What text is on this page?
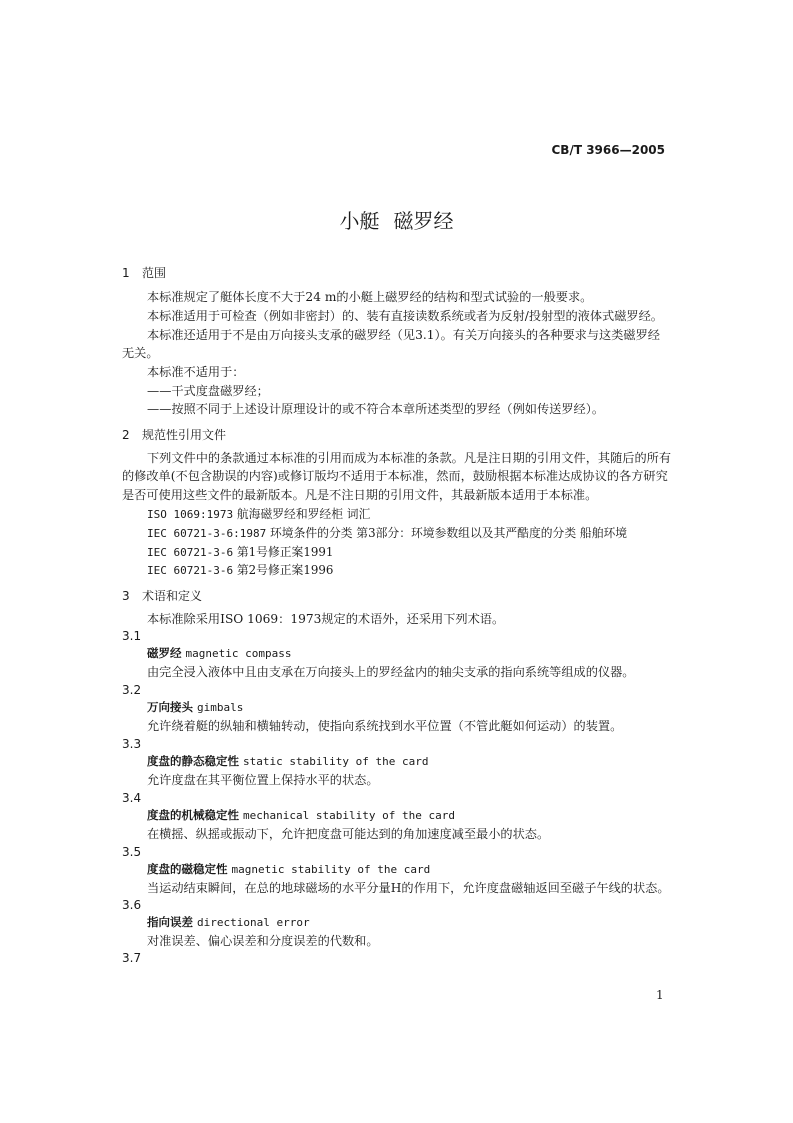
CB/T 3966—2005
小艇 磁罗经
1 范围
本标准规定了艇体长度不大于24 m的小艇上磁罗经的结构和型式试验的一般要求。
本标准适用于可检查（例如非密封）的、装有直接读数系统或者为反射/投射型的液体式磁罗经。
本标准还适用于不是由万向接头支承的磁罗经（见3.1）。有关万向接头的各种要求与这类磁罗经
无关。
本标准不适用于：
——干式度盘磁罗经；
——按照不同于上述设计原理设计的或不符合本章所述类型的罗经（例如传送罗经）。
2 规范性引用文件
下列文件中的条款通过本标准的引用而成为本标准的条款。凡是注日期的引用文件，其随后的所有
的修改单(不包含勘误的内容)或修订版均不适用于本标准，然而，鼓励根据本标准达成协议的各方研究
是否可使用这些文件的最新版本。凡是不注日期的引用文件，其最新版本适用于本标准。
ISO 1069:1973 航海磁罗经和罗经柜 词汇
IEC 60721-3-6:1987 环境条件的分类 第3部分：环境参数组以及其严酷度的分类 船舶环境
IEC 60721-3-6 第1号修正案1991
IEC 60721-3-6 第2号修正案1996
3 术语和定义
本标准除采用ISO 1069：1973规定的术语外，还采用下列术语。
3.1
磁罗经 magnetic compass
由完全浸入液体中且由支承在万向接头上的罗经盆内的轴尖支承的指向系统等组成的仪器。
3.2
万向接头 gimbals
允许绕着艇的纵轴和横轴转动，使指向系统找到水平位置（不管此艇如何运动）的装置。
3.3
度盘的静态稳定性 static stability of the card
允许度盘在其平衡位置上保持水平的状态。
3.4
度盘的机械稳定性 mechanical stability of the card
在横摇、纵摇或振动下，允许把度盘可能达到的角加速度减至最小的状态。
3.5
度盘的磁稳定性 magnetic stability of the card
当运动结束瞬间，在总的地球磁场的水平分量H的作用下，允许度盘磁轴返回至磁子午线的状态。
3.6
指向误差 directional error
对准误差、偏心误差和分度误差的代数和。
3.7
1
